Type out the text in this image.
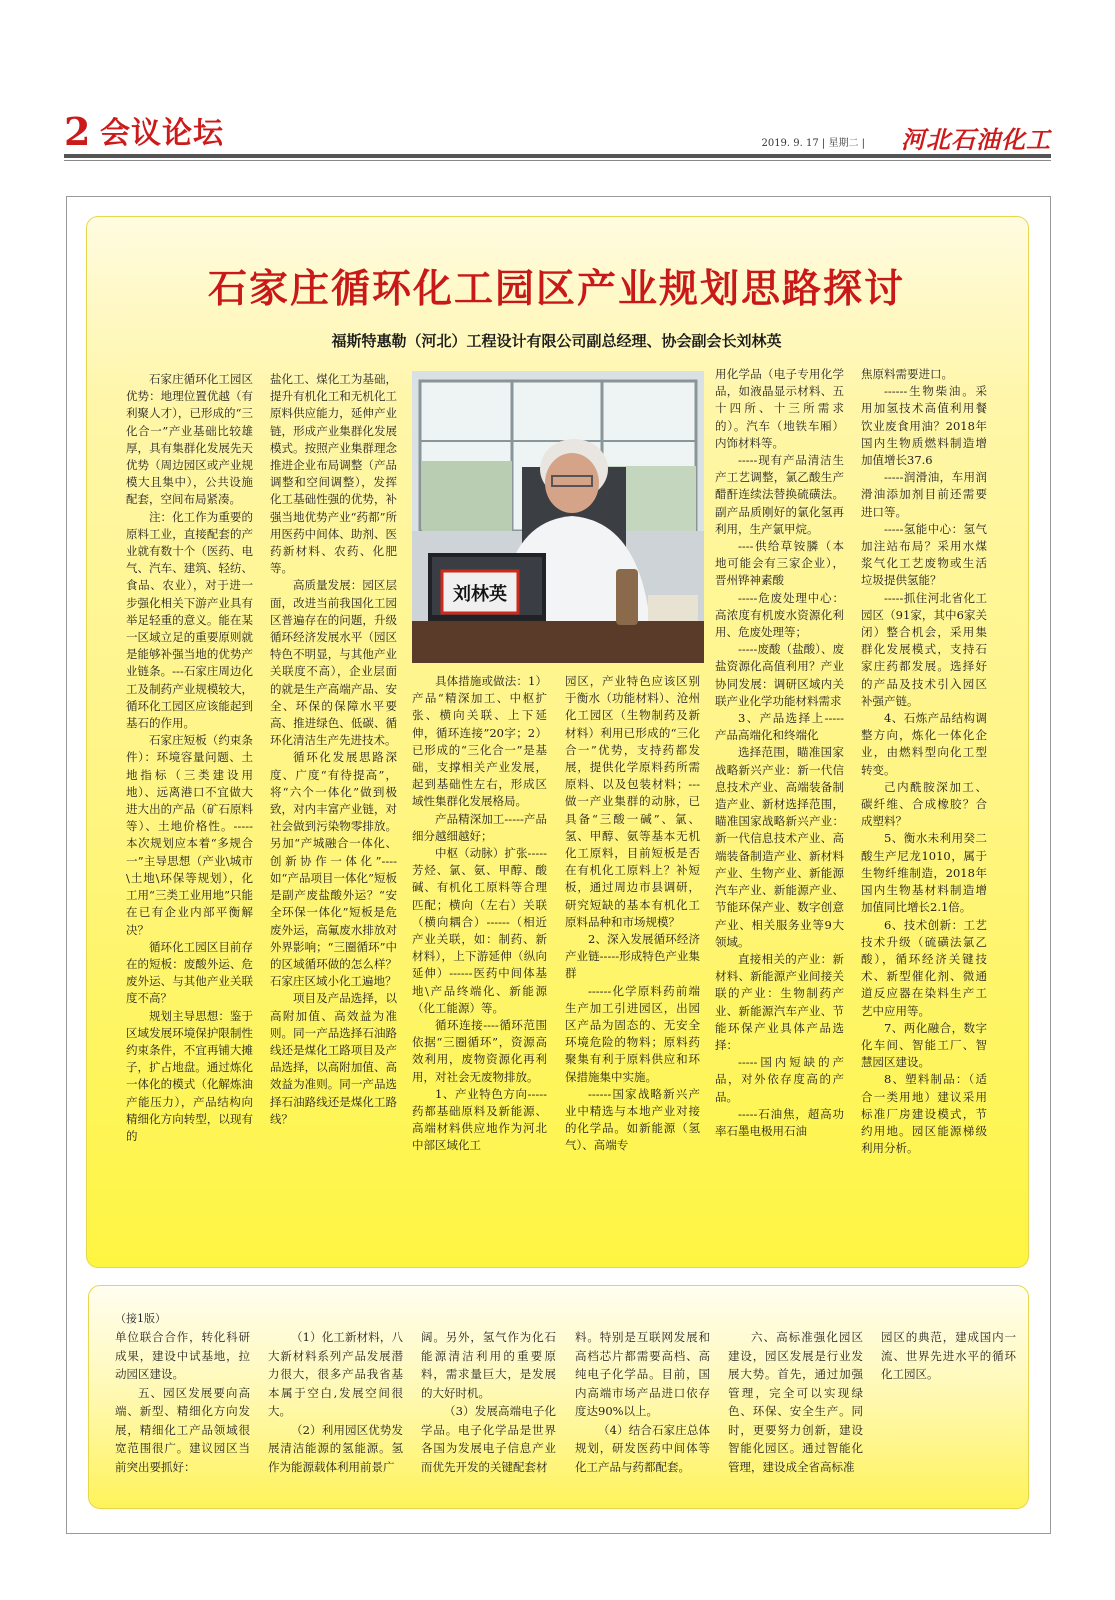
2 会议论坛	2019. 9. 17 | 星期二 | 河北石油化工
石家庄循环化工园区产业规划思路探讨
福斯特惠勒（河北）工程设计有限公司副总经理、协会副会长刘林英

石家庄循环化工园区优势：地理位置优越（有利聚人才），已形成的“三化合一”产业基础比较雄厚，具有集群化发展先天优势（周边园区或产业规模大且集中），公共设施配套，空间布局紧凑。

注：化工作为重要的原料工业，直接配套的产业就有数十个（医药、电气、汽车、建筑、轻纺、食品、农业），对于进一步强化相关下游产业具有举足轻重的意义。能在某一区域立足的重要原则就是能够补强当地的优势产业链条。---石家庄周边化工及制药产业规模较大，循环化工园区应该能起到基石的作用。

石家庄短板（约束条件）：环境容量问题、土地指标（三类建设用地）、远离港口不宜做大进大出的产品（矿石原料等）、土地价格性。-----本次规划应本着“多规合一”主导思想（产业\城市\土地\环保等规划），化工用“三类工业用地”只能在已有企业内部平衡解决？

循环化工园区目前存在的短板：废酸外运、危废外运、与其他产业关联度不高？

规划主导思想：鉴于区域发展环境保护限制性约束条件，不宜再铺大摊子，扩占地盘。通过炼化一体化的模式（化解炼油产能压力），产品结构向精细化方向转型，以现有的

盐化工、煤化工为基础，提升有机化工和无机化工原料供应能力，延伸产业链，形成产业集群化发展模式。按照产业集群理念推进企业布局调整（产品调整和空间调整），发挥化工基础性强的优势，补强当地优势产业“药都”所用医药中间体、助剂、医药新材料、农药、化肥等。

高质量发展：园区层面，改进当前我国化工园区普遍存在的问题，升级循环经济发展水平（园区特色不明显，与其他产业关联度不高），企业层面的就是生产高端产品、安全、环保的保障水平要高、推进绿色、低碳、循环化清洁生产先进技术。

循环化发展思路深度、广度“有待提高”，将“六个一体化”做到极致，对内丰富产业链，对社会做到污染物零排放。另加“产城融合一体化、创新协作一体化”----如“产品项目一体化”短板是副产废盐酸外运？“安全环保一体化”短板是危废外运，高氟废水排放对外界影响；“三圈循环”中的区域循环做的怎么样？石家庄区域小化工遍地？

项目及产品选择，以高附加值、高效益为准则。同一产品选择石油路线还是煤化工路项目及产品选择，以高附加值、高效益为准则。同一产品选择石油路线还是煤化工路线？

刘林英

具体措施或做法：1）产品“精深加工、中枢扩张、横向关联、上下延伸，循环连接”20字；2）已形成的“三化合一”是基础，支撑相关产业发展，起到基础性左右，形成区域性集群化发展格局。

产品精深加工-----产品细分越细越好；

中枢（动脉）扩张-----芳烃、氯、氨、甲醇、酸碱、有机化工原料等合理匹配；横向（左右）关联（横向耦合）------（相近产业关联，如：制药、新材料），上下游延伸（纵向延伸）------医药中间体基地\产品终端化、新能源（化工能源）等。

循环连接----循环范围依据“三圈循环”，资源高效利用，废物资源化再利用，对社会无废物排放。

1、产业特色方向-----药都基础原料及新能源、高端材料供应地作为河北中部区域化工

园区，产业特色应该区别于衡水（功能材料）、沧州化工园区（生物制药及新材料）利用已形成的“三化合一”优势，支持药都发展，提供化学原料药所需原料、以及包装材料；---做一产业集群的动脉，已具备“三酸一碱”、氯、氢、甲醇、氨等基本无机化工原料，目前短板是否在有机化工原料上？补短板，通过周边市县调研，研究短缺的基本有机化工原料品种和市场规模？

2、深入发展循环经济产业链-----形成特色产业集群

------化学原料药前端生产加工引进园区，出园区产品为固态的、无安全环境危险的物料；原料药聚集有利于原料供应和环保措施集中实施。

------国家战略新兴产业中精选与本地产业对接的化学品。如新能源（氢气）、高端专

用化学品（电子专用化学品，如液晶显示材料、五十四所、十三所需求的）。汽车（地铁车厢）内饰材料等。

-----现有产品清洁生产工艺调整，氯乙酸生产醋酐连续法替换硫磺法。副产品质刚好的氯化氢再利用，生产氯甲烷。

----供给草铵膦（本地可能会有三家企业），晋州铧神素酸

-----危废处理中心：高浓度有机废水资源化利用、危废处理等；

-----废酸（盐酸）、废盐资源化高值利用？产业协同发展：调研区域内关联产业化学功能材料需求

3、产品选择上-----产品高端化和终端化

选择范围，瞄准国家战略新兴产业：新一代信息技术产业、高端装备制造产业、新材选择范围，瞄准国家战略新兴产业：新一代信息技术产业、高端装备制造产业、新材料产业、生物产业、新能源汽车产业、新能源产业、节能环保产业、数字创意产业、相关服务业等9大领域。

直接相关的产业：新材料、新能源产业间接关联的产业：生物制药产业、新能源汽车产业、节能环保产业具体产品选择：

-----国内短缺的产品，对外依存度高的产品。

-----石油焦，超高功率石墨电极用石油

焦原料需要进口。

------生物柴油。采用加氢技术高值利用餐饮业废食用油？2018年国内生物质燃料制造增加值增长37.6

-----润滑油，车用润滑油添加剂目前还需要进口等。

-----氢能中心：氢气加注站布局？采用水煤浆气化工艺废物或生活垃圾提供氢能？

-----抓住河北省化工园区（91家，其中6家关闭）整合机会，采用集群化发展模式，支持石家庄药都发展。选择好的产品及技术引入园区补强产链。

4、石炼产品结构调整方向，炼化一体化企业，由燃料型向化工型转变。

己内酰胺深加工、碳纤维、合成橡胶？合成塑料？

5、衡水未利用癸二酸生产尼龙1010，属于生物纤维制造，2018年国内生物基材料制造增加值同比增长2.1倍。

6、技术创新：工艺技术升级（硫磺法氯乙酸），循环经济关键技术、新型催化剂、微通道反应器在染料生产工艺中应用等。

7、两化融合，数字化车间、智能工厂、智慧园区建设。

8、塑料制品：（适合一类用地）建议采用标准厂房建设模式，节约用地。园区能源梯级利用分析。

（接1版）

单位联合合作，转化科研成果，建设中试基地，拉动园区建设。

五、园区发展要向高端、新型、精细化方向发展，精细化工产品领域很宽范围很广。建议园区当前突出要抓好：

（1）化工新材料，八大新材料系列产品发展潜力很大，很多产品我省基本属于空白,发展空间很大。

（2）利用园区优势发展清洁能源的氢能源。氢作为能源载体利用前景广

阔。另外，氢气作为化石能源清洁利用的重要原料，需求量巨大，是发展的大好时机。

（3）发展高端电子化学品。电子化学品是世界各国为发展电子信息产业而优先开发的关键配套材

料。特别是互联网发展和高档芯片都需要高档、高纯电子化学品。目前，国内高端市场产品进口依存度达90%以上。

（4）结合石家庄总体规划，研发医药中间体等化工产品与药都配套。

六、高标准强化园区建设，园区发展是行业发展大势。首先，通过加强管理，完全可以实现绿色、环保、安全生产。同时，更要努力创新，建设智能化园区。通过智能化管理，建设成全省高标准

园区的典范，建成国内一流、世界先进水平的循环化工园区。
